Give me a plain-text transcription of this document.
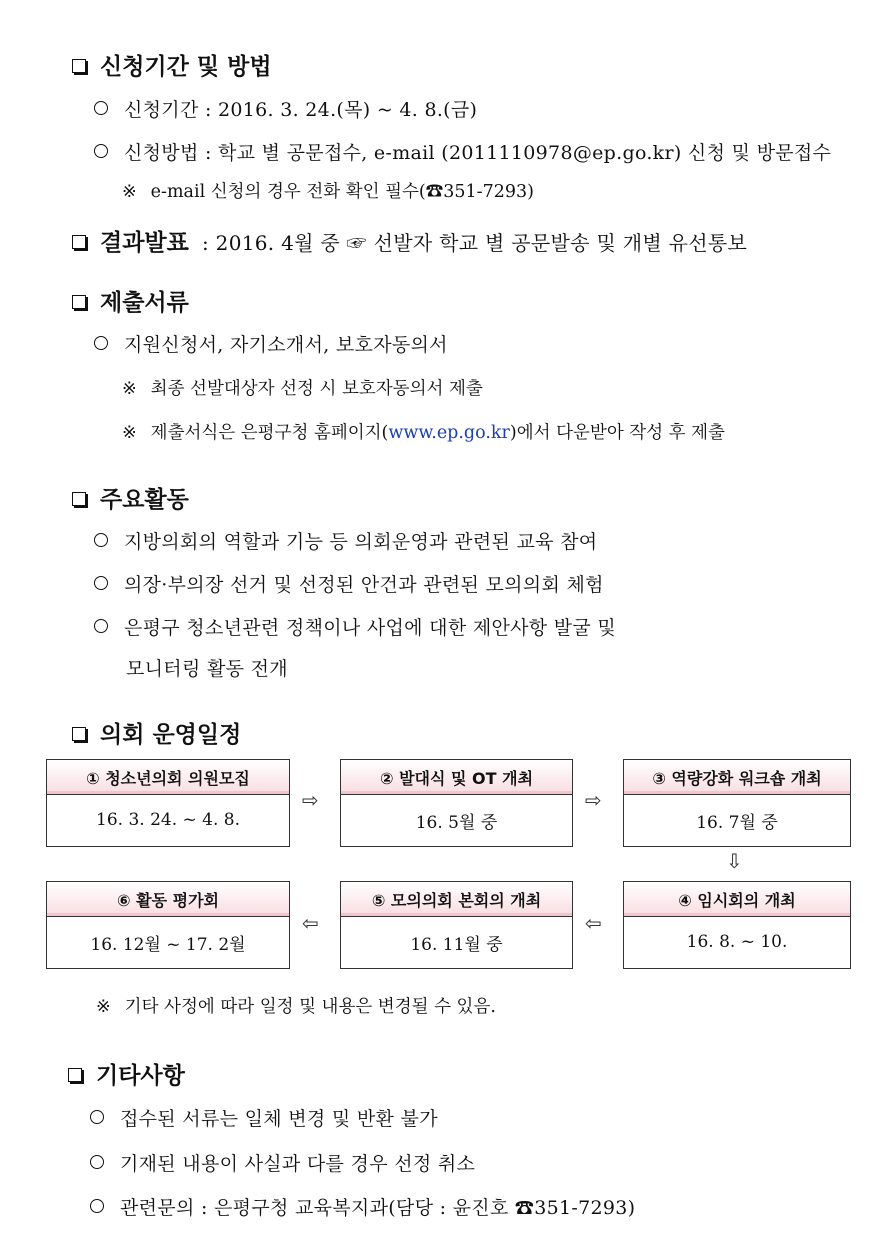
신청기간 및 방법
신청기간 : 2016. 3. 24.(목) ~ 4. 8.(금)
신청방법 : 학교 별 공문접수, e-mail (2011110978@ep.go.kr) 신청 및 방문접수
※ e-mail 신청의 경우 전화 확인 필수(☎351-7293)
결과발표 : 2016. 4월 중 ☞ 선발자 학교 별 공문발송 및 개별 유선통보
제출서류
지원신청서, 자기소개서, 보호자동의서
※ 최종 선발대상자 선정 시 보호자동의서 제출
※ 제출서식은 은평구청 홈페이지(www.ep.go.kr)에서 다운받아 작성 후 제출
주요활동
지방의회의 역할과 기능 등 의회운영과 관련된 교육 참여
의장·부의장 선거 및 선정된 안건과 관련된 모의의회 체험
은평구 청소년관련 정책이나 사업에 대한 제안사항 발굴 및
모니터링 활동 전개
의회 운영일정
① 청소년의회 의원모집
16. 3. 24. ~ 4. 8.
⇨
② 발대식 및 OT 개최
16. 5월 중
⇨
③ 역량강화 워크숍 개최
16. 7월 중
⇩
⑥ 활동 평가회
16. 12월 ~ 17. 2월
⇦
⑤ 모의의회 본회의 개최
16. 11월 중
⇦
④ 임시회의 개최
16. 8. ~ 10.
※ 기타 사정에 따라 일정 및 내용은 변경될 수 있음.
기타사항
접수된 서류는 일체 변경 및 반환 불가
기재된 내용이 사실과 다를 경우 선정 취소
관련문의 : 은평구청 교육복지과(담당 : 윤진호 ☎351-7293)
